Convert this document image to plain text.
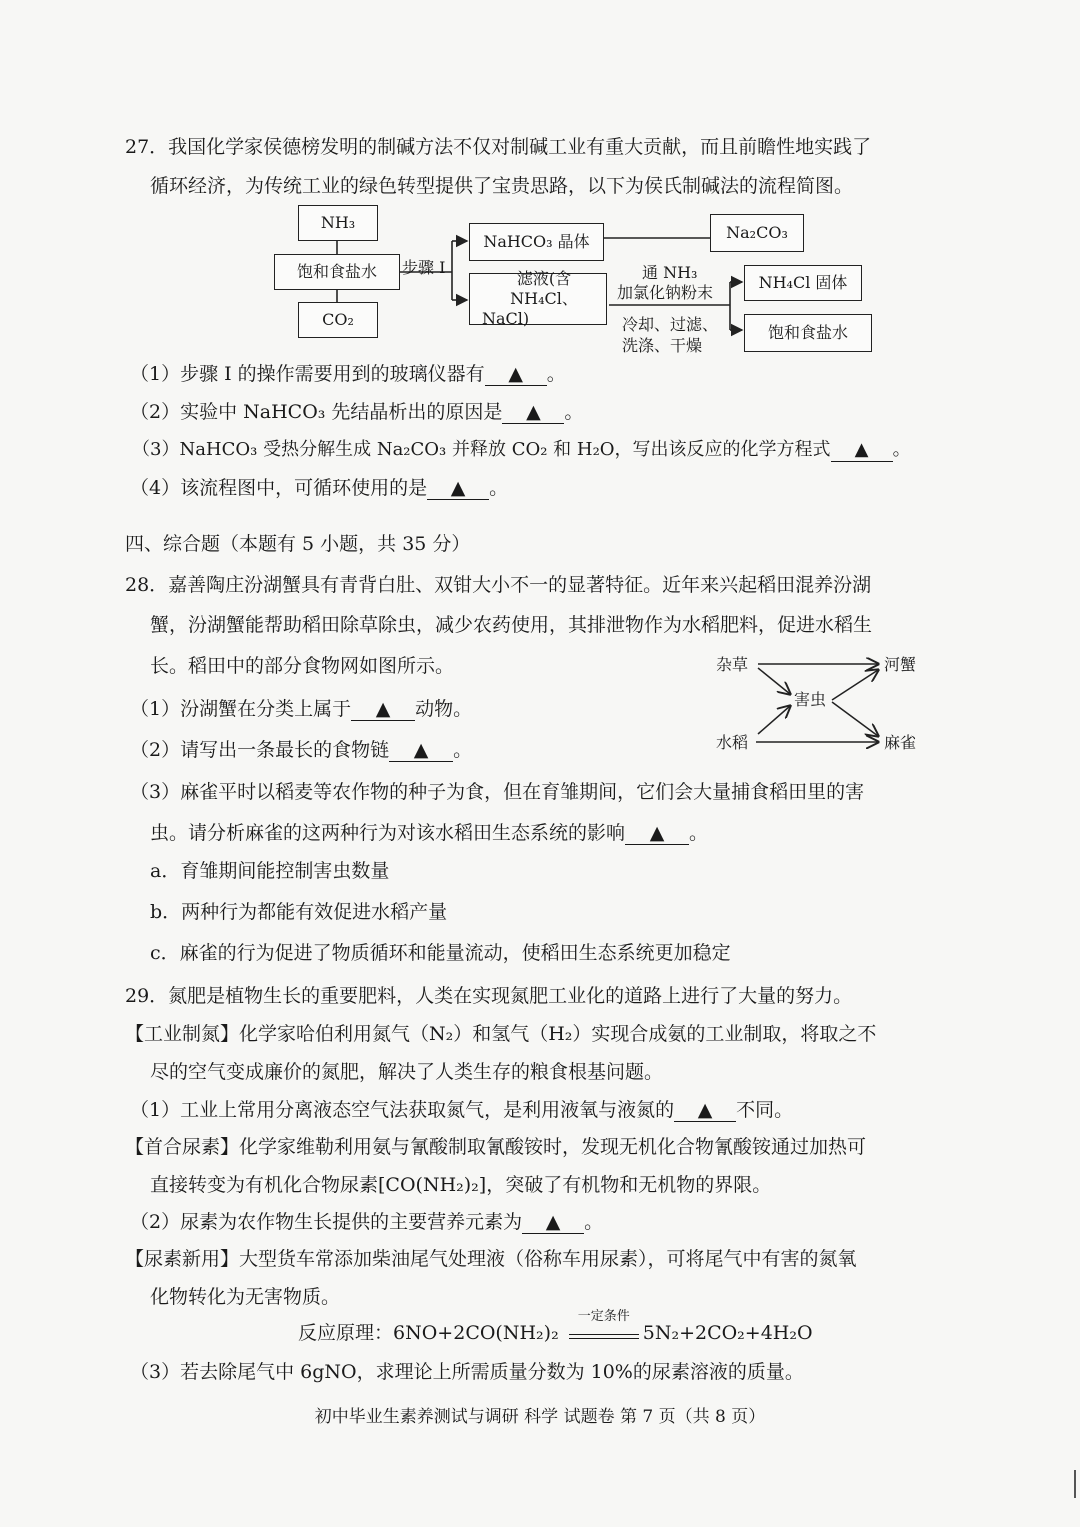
27．我国化学家侯德榜发明的制碱方法不仅对制碱工业有重大贡献，而且前瞻性地实践了
循环经济，为传统工业的绿色转型提供了宝贵思路，以下为侯氏制碱法的流程简图。
NH₃
饱和食盐水
CO₂
步骤 I
NaHCO₃ 晶体
滤液(含 NH₄Cl、
NaCl)
Na₂CO₃
通 NH₃
加氯化钠粉末
冷却、过滤、
洗涤、干燥
NH₄Cl 固体
饱和食盐水
（1）步骤 I 的操作需要用到的玻璃仪器有 ▲ 。
（2）实验中 NaHCO₃ 先结晶析出的原因是 ▲ 。
（3）NaHCO₃ 受热分解生成 Na₂CO₃ 并释放 CO₂ 和 H₂O，写出该反应的化学方程式 ▲ 。
（4）该流程图中，可循环使用的是 ▲ 。
四、综合题（本题有 5 小题，共 35 分）
28．嘉善陶庄汾湖蟹具有青背白肚、双钳大小不一的显著特征。近年来兴起稻田混养汾湖
蟹，汾湖蟹能帮助稻田除草除虫，减少农药使用，其排泄物作为水稻肥料，促进水稻生
长。稻田中的部分食物网如图所示。	杂草	河蟹
害虫
水稻	麻雀
（1）汾湖蟹在分类上属于 ▲ 动物。
（2）请写出一条最长的食物链 ▲ 。
（3）麻雀平时以稻麦等农作物的种子为食，但在育雏期间，它们会大量捕食稻田里的害
虫。请分析麻雀的这两种行为对该水稻田生态系统的影响 ▲ 。
a．育雏期间能控制害虫数量
b．两种行为都能有效促进水稻产量
c．麻雀的行为促进了物质循环和能量流动，使稻田生态系统更加稳定
29．氮肥是植物生长的重要肥料，人类在实现氮肥工业化的道路上进行了大量的努力。
【工业制氮】化学家哈伯利用氮气（N₂）和氢气（H₂）实现合成氨的工业制取，将取之不
尽的空气变成廉价的氮肥，解决了人类生存的粮食根基问题。
（1）工业上常用分离液态空气法获取氮气，是利用液氧与液氮的 ▲ 不同。
【首合尿素】化学家维勒利用氨与氰酸制取氰酸铵时，发现无机化合物氰酸铵通过加热可
直接转变为有机化合物尿素[CO(NH₂)₂]，突破了有机物和无机物的界限。
（2）尿素为农作物生长提供的主要营养元素为 ▲ 。
【尿素新用】大型货车常添加柴油尾气处理液（俗称车用尿素），可将尾气中有害的氮氧
化物转化为无害物质。
反应原理：6NO+2CO(NH₂)₂
一定条件
5N₂+2CO₂+4H₂O
（3）若去除尾气中 6gNO，求理论上所需质量分数为 10%的尿素溶液的质量。
初中毕业生素养测试与调研 科学 试题卷 第 7 页（共 8 页）
